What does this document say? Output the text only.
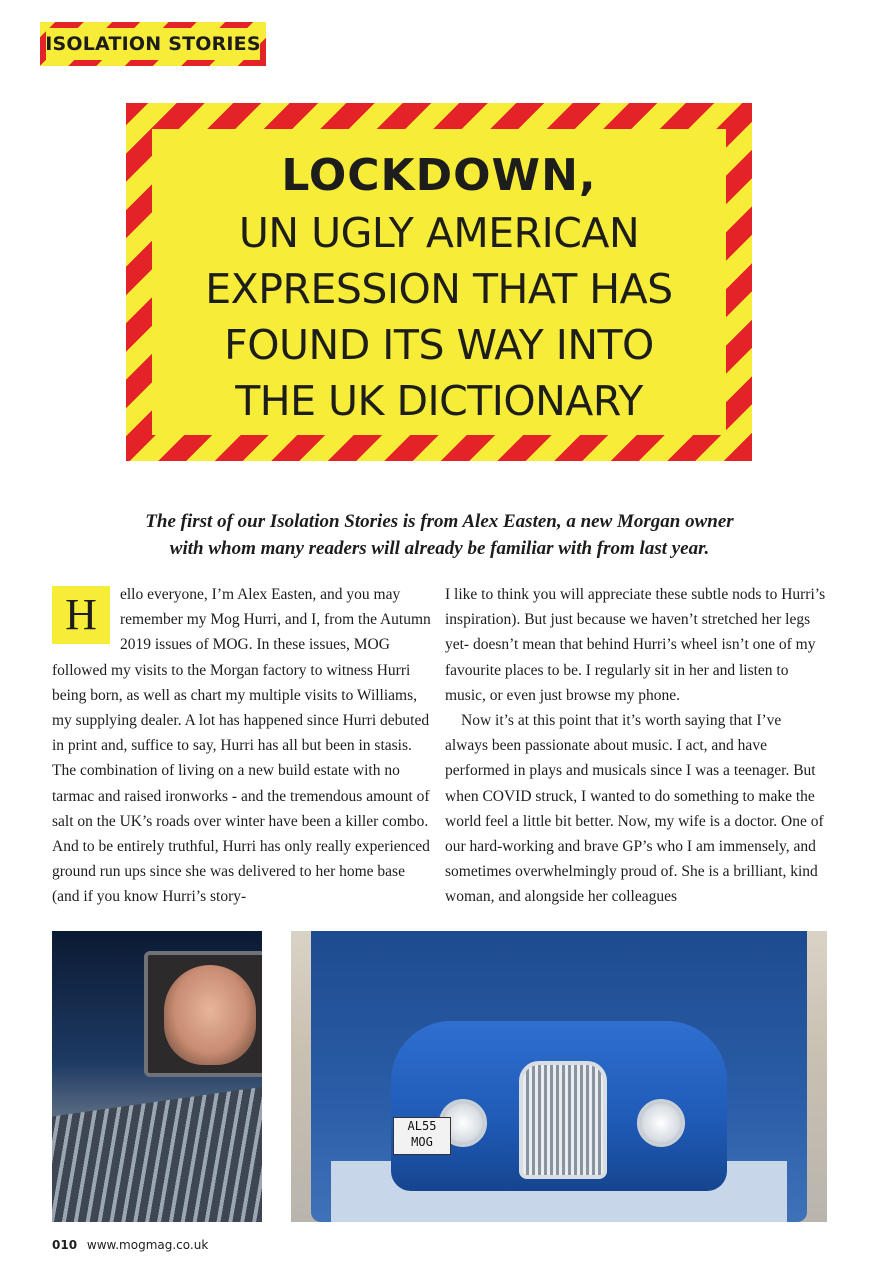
ISOLATION STORIES
LOCKDOWN,
UN UGLY AMERICAN
EXPRESSION THAT HAS
FOUND ITS WAY INTO
THE UK DICTIONARY
The first of our Isolation Stories is from Alex Easten, a new Morgan owner
with whom many readers will already be familiar with from last year.
H	ello everyone, I’m Alex Easten, and you may remember my Mog Hurri, and I, from the Autumn 2019 issues of MOG. In these issues, MOG followed my visits to the Morgan factory to witness Hurri being born, as well as chart my multiple visits to Williams, my supplying dealer. A lot has happened since Hurri debuted in print and, suffice to say, Hurri has all but been in stasis. The combination of living on a new build estate with no tarmac and raised ironworks - and the tremendous amount of salt on the UK’s roads over winter have been a killer combo. And to be entirely truthful, Hurri has only really experienced ground run ups since she was delivered to her home base (and if you know Hurri’s story-

I like to think you will appreciate these subtle nods to Hurri’s inspiration). But just because we haven’t stretched her legs yet- doesn’t mean that behind Hurri’s wheel isn’t one of my favourite places to be. I regularly sit in her and listen to music, or even just browse my phone.

Now it’s at this point that it’s worth saying that I’ve always been passionate about music. I act, and have performed in plays and musicals since I was a teenager. But when COVID struck, I wanted to do something to make the world feel a little bit better. Now, my wife is a doctor. One of our hard-working and brave GP’s who I am immensely, and sometimes overwhelmingly proud of. She is a brilliant, kind woman, and alongside her colleagues

AL55
MOG
010 www.mogmag.co.uk
